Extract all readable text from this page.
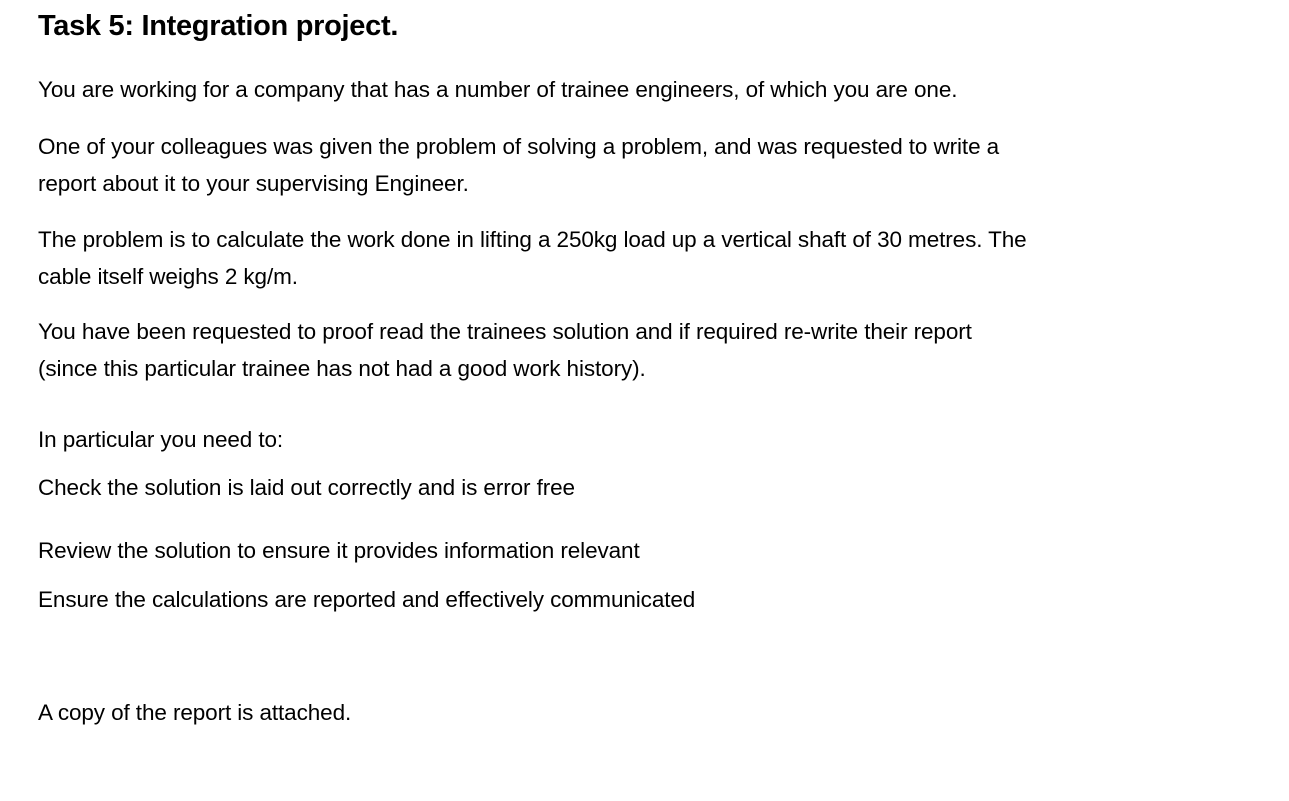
Task 5: Integration project.
You are working for a company that has a number of trainee engineers, of which you are one.
One of your colleagues was given the problem of solving a problem, and was requested to write a
report about it to your supervising Engineer.
The problem is to calculate the work done in lifting a 250kg load up a vertical shaft of 30 metres. The
cable itself weighs 2 kg/m.
You have been requested to proof read the trainees solution and if required re-write their report
(since this particular trainee has not had a good work history).
In particular you need to:
Check the solution is laid out correctly and is error free
Review the solution to ensure it provides information relevant
Ensure the calculations are reported and effectively communicated
A copy of the report is attached.
